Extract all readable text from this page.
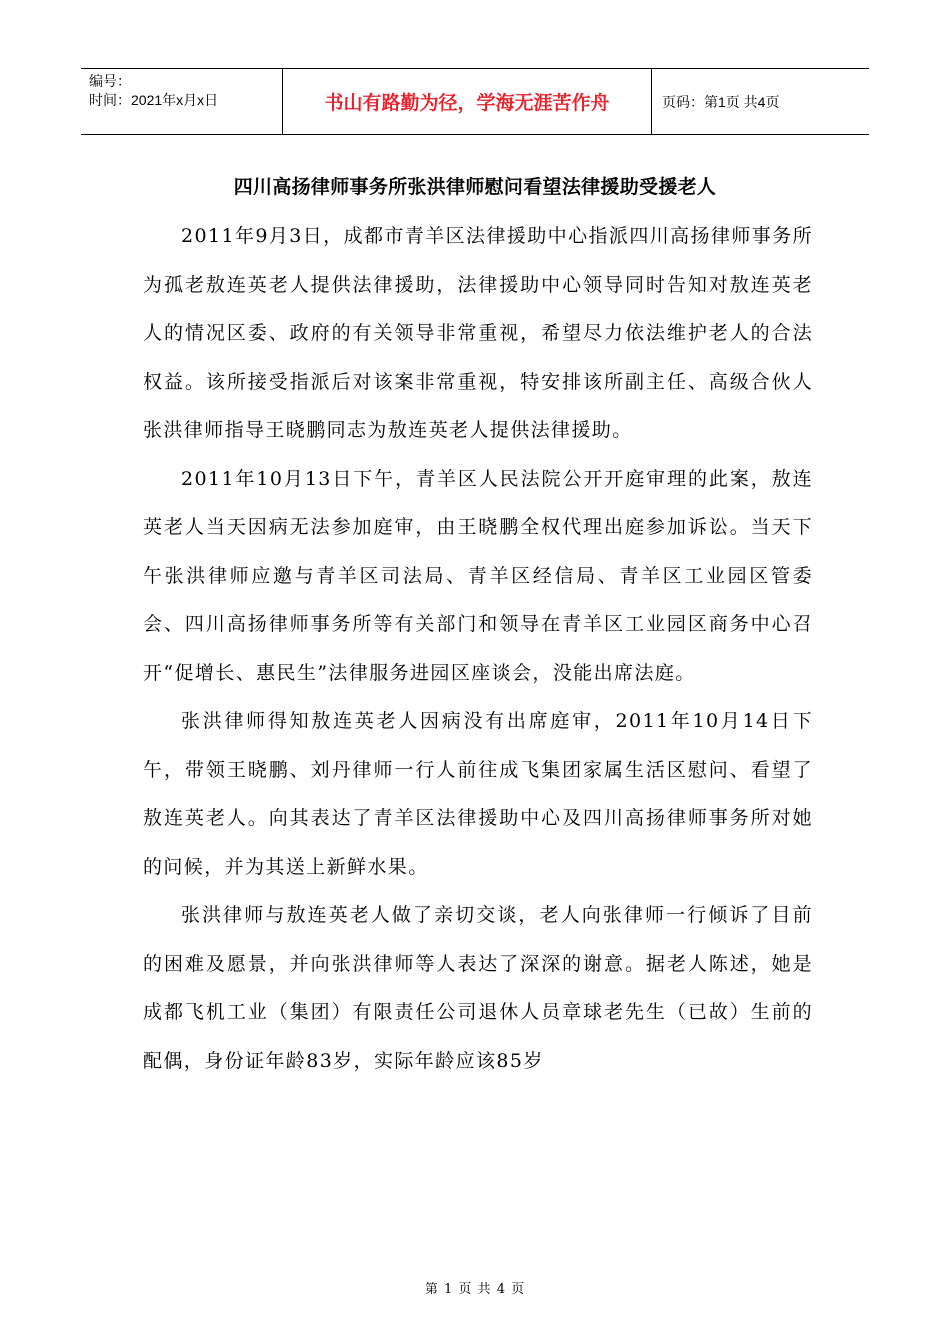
编号：
时间：2021年x月x日	书山有路勤为径，学海无涯苦作舟	页码：第1页 共4页
四川高扬律师事务所张洪律师慰问看望法律援助受援老人

2011年9月3日，成都市青羊区法律援助中心指派四川高扬律师事务所为孤老敖连英老人提供法律援助，法律援助中心领导同时告知对敖连英老人的情况区委、政府的有关领导非常重视，希望尽力依法维护老人的合法权益。该所接受指派后对该案非常重视，特安排该所副主任、高级合伙人张洪律师指导王晓鹏同志为敖连英老人提供法律援助。

2011年10月13日下午，青羊区人民法院公开开庭审理的此案，敖连英老人当天因病无法参加庭审，由王晓鹏全权代理出庭参加诉讼。当天下午张洪律师应邀与青羊区司法局、青羊区经信局、青羊区工业园区管委会、四川高扬律师事务所等有关部门和领导在青羊区工业园区商务中心召开“促增长、惠民生”法律服务进园区座谈会，没能出席法庭。

张洪律师得知敖连英老人因病没有出席庭审，2011年10月14日下午，带领王晓鹏、刘丹律师一行人前往成飞集团家属生活区慰问、看望了敖连英老人。向其表达了青羊区法律援助中心及四川高扬律师事务所对她的问候，并为其送上新鲜水果。

张洪律师与敖连英老人做了亲切交谈，老人向张律师一行倾诉了目前的困难及愿景，并向张洪律师等人表达了深深的谢意。据老人陈述，她是成都飞机工业（集团）有限责任公司退休人员章球老先生（已故）生前的配偶，身份证年龄83岁，实际年龄应该85岁

第 1 页 共 4 页
